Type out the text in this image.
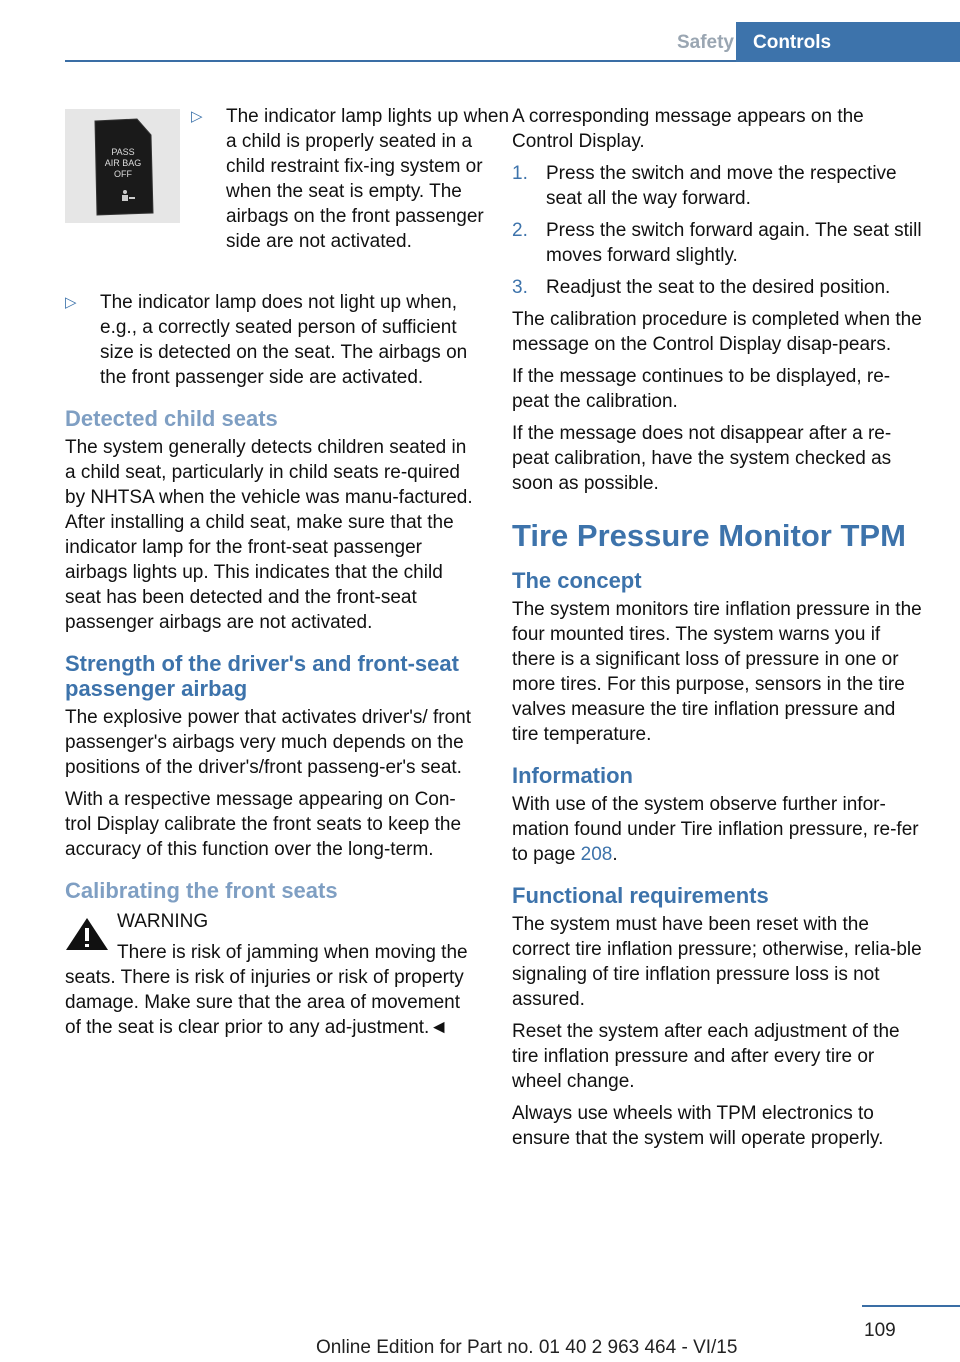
Safety	Controls
PASS
AIR BAG
OFF
▷ The indicator lamp lights up when a child is properly seated in a child restraint fix-ing system or when the seat is empty. The airbags on the front passenger side are not activated.
▷ The indicator lamp does not light up when, e.g., a correctly seated person of sufficient size is detected on the seat. The airbags on the front passenger side are activated.
Detected child seats

The system generally detects children seated in a child seat, particularly in child seats re-quired by NHTSA when the vehicle was manu-factured. After installing a child seat, make sure that the indicator lamp for the front-seat passenger airbags lights up. This indicates that the child seat has been detected and the front-seat passenger airbags are not activated.

Strength of the driver's and front-seat passenger airbag

The explosive power that activates driver's/ front passenger's airbags very much depends on the positions of the driver's/front passeng-er's seat.

With a respective message appearing on Con-trol Display calibrate the front seats to keep the accuracy of this function over the long-term.

Calibrating the front seats
WARNING
There is risk of jamming when moving the seats. There is risk of injuries or risk of property damage. Make sure that the area of movement of the seat is clear prior to any ad-justment.◄

A corresponding message appears on the Control Display.

1. Press the switch and move the respective seat all the way forward.
2. Press the switch forward again. The seat still moves forward slightly.
3. Readjust the seat to the desired position.

The calibration procedure is completed when the message on the Control Display disap-pears.

If the message continues to be displayed, re-peat the calibration.

If the message does not disappear after a re-peat calibration, have the system checked as soon as possible.

Tire Pressure Monitor TPM
The concept

The system monitors tire inflation pressure in the four mounted tires. The system warns you if there is a significant loss of pressure in one or more tires. For this purpose, sensors in the tire valves measure the tire inflation pressure and tire temperature.

Information

With use of the system observe further infor-mation found under Tire inflation pressure, re-fer to page 208.

Functional requirements

The system must have been reset with the correct tire inflation pressure; otherwise, relia-ble signaling of tire inflation pressure loss is not assured.

Reset the system after each adjustment of the tire inflation pressure and after every tire or wheel change.

Always use wheels with TPM electronics to ensure that the system will operate properly.

109
Online Edition for Part no. 01 40 2 963 464 - VI/15
